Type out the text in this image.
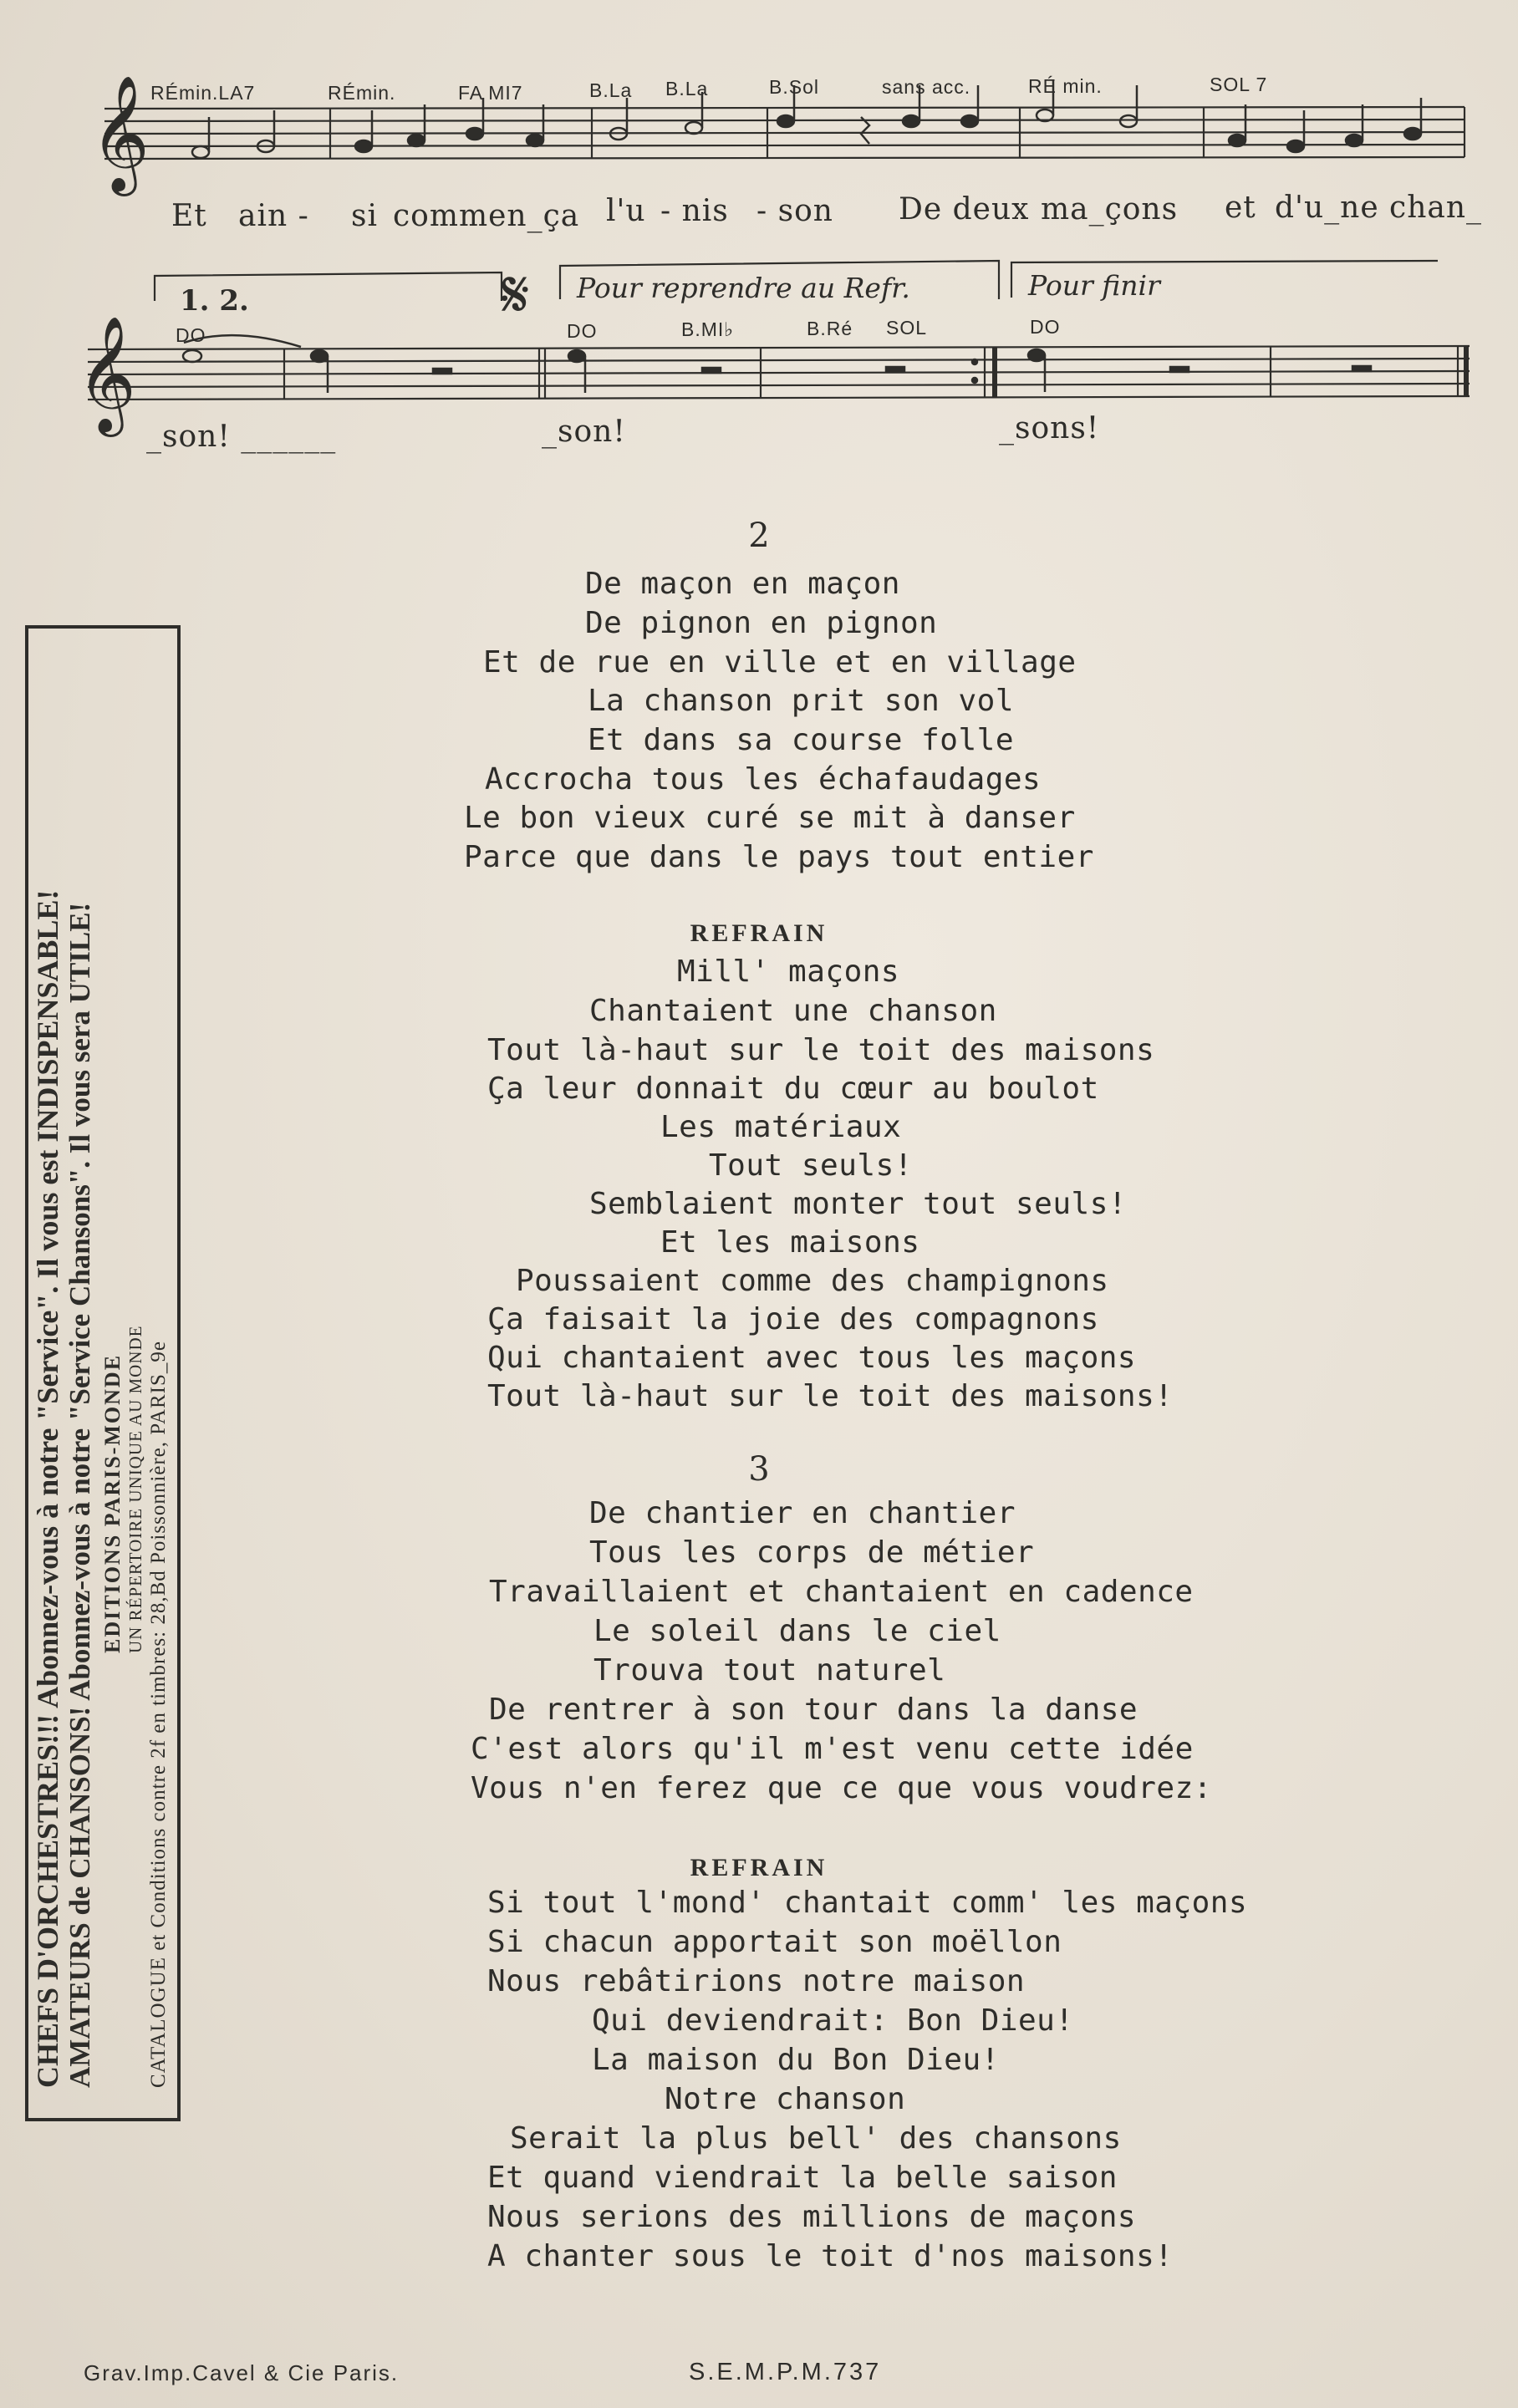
𝄞
𝄞
𝄋
RÉmin.LA7	RÉmin.	FA MI7	B.La B.La	B.Sol	sans acc.	RÉ min.	SOL 7
Et ain - si commen_ça l'u - nis - son De deux ma_çons et d'u_ne chan_
1. 2.	Pour reprendre au Refr.	Pour finir
DO	DO	B.MI♭	B.Ré SOL	DO
_son! ______	_son!	_sons!
2
De maçon en maçon
De pignon en pignon
Et de rue en ville et en village
La chanson prit son vol
Et dans sa course folle
Accrocha tous les échafaudages
Le bon vieux curé se mit à danser
Parce que dans le pays tout entier
REFRAIN
Mill' maçons
Chantaient une chanson
Tout là-haut sur le toit des maisons
Ça leur donnait du cœur au boulot
Les matériaux
Tout seuls!
Semblaient monter tout seuls!
Et les maisons
Poussaient comme des champignons
Ça faisait la joie des compagnons
Qui chantaient avec tous les maçons
Tout là-haut sur le toit des maisons!
3
De chantier en chantier
Tous les corps de métier
Travaillaient et chantaient en cadence
Le soleil dans le ciel
Trouva tout naturel
De rentrer à son tour dans la danse
C'est alors qu'il m'est venu cette idée
Vous n'en ferez que ce que vous voudrez:
REFRAIN
Si tout l'mond' chantait comm' les maçons
Si chacun apportait son moëllon
Nous rebâtirions notre maison
Qui deviendrait: Bon Dieu!
La maison du Bon Dieu!
Notre chanson
Serait la plus bell' des chansons
Et quand viendrait la belle saison
Nous serions des millions de maçons
A chanter sous le toit d'nos maisons!
CHEFS D'ORCHESTRES!!! Abonnez-vous à notre "Service". Il vous est INDISPENSABLE! AMATEURS de CHANSONS! Abonnez-vous à notre "Service Chansons". Il vous sera UTILE! EDITIONS PARIS-MONDE UN RÉPERTOIRE UNIQUE AU MONDE CATALOGUE et Conditions contre 2f en timbres: 28,Bd Poissonnière, PARIS_9e
Grav.Imp.Cavel & Cie Paris.	S.E.M.P.M.737
